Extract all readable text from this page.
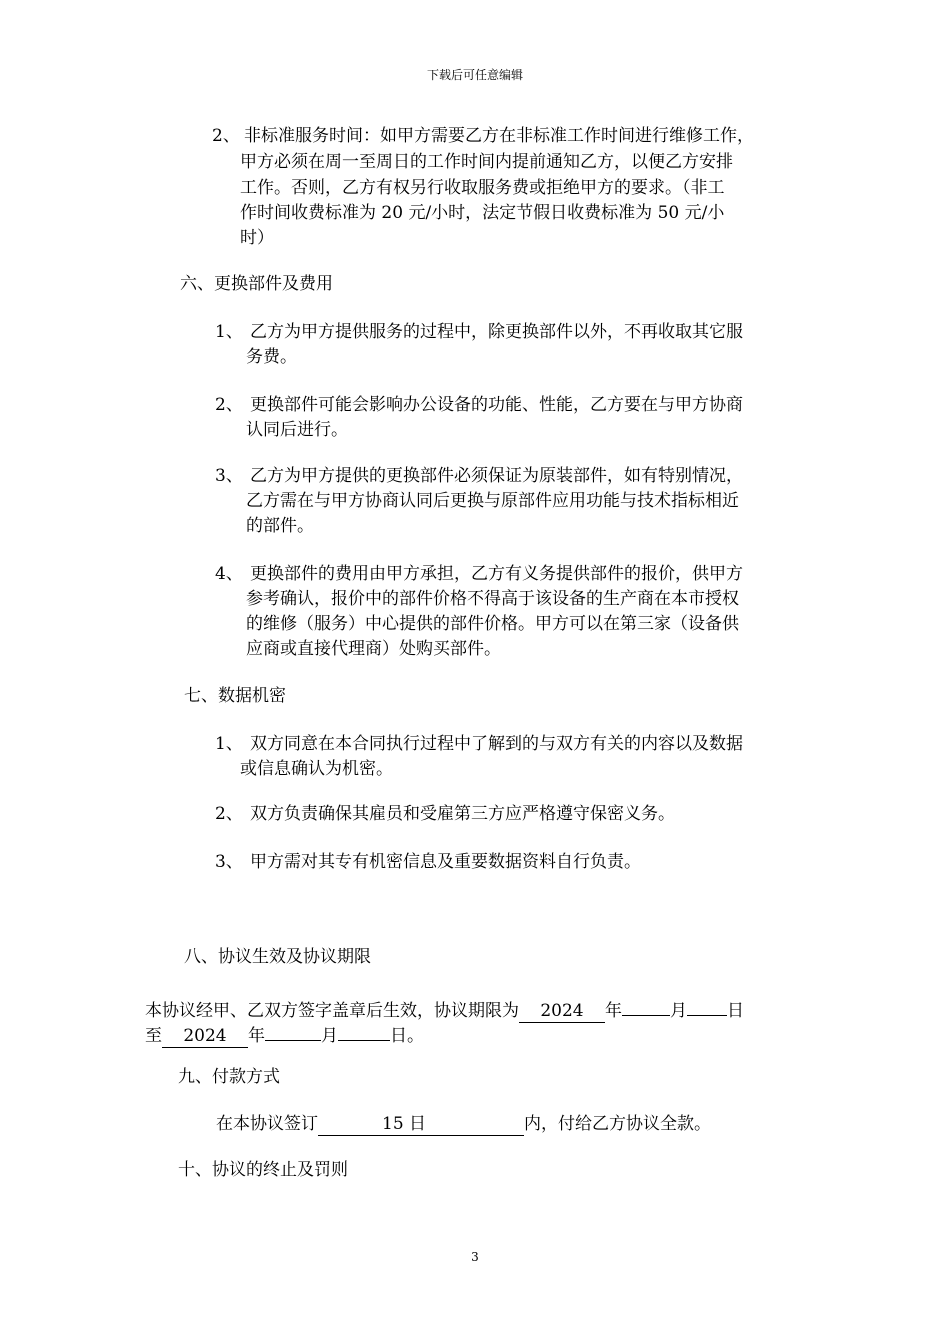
下载后可任意编辑
2、 非标准服务时间：如甲方需要乙方在非标准工作时间进行维修工作，
甲方必须在周一至周日的工作时间内提前通知乙方，以便乙方安排
工作。否则，乙方有权另行收取服务费或拒绝甲方的要求。（非工
作时间收费标准为 20 元/小时，法定节假日收费标准为 50 元/小
时）
六、更换部件及费用
1、 乙方为甲方提供服务的过程中，除更换部件以外，不再收取其它服
务费。
2、 更换部件可能会影响办公设备的功能、性能，乙方要在与甲方协商
认同后进行。
3、 乙方为甲方提供的更换部件必须保证为原装部件，如有特别情况，
乙方需在与甲方协商认同后更换与原部件应用功能与技术指标相近
的部件。
4、 更换部件的费用由甲方承担，乙方有义务提供部件的报价，供甲方
参考确认，报价中的部件价格不得高于该设备的生产商在本市授权
的维修（服务）中心提供的部件价格。甲方可以在第三家（设备供
应商或直接代理商）处购买部件。
七、数据机密
1、 双方同意在本合同执行过程中了解到的与双方有关的内容以及数据
或信息确认为机密。
2、 双方负责确保其雇员和受雇第三方应严格遵守保密义务。
3、 甲方需对其专有机密信息及重要数据资料自行负责。
八、协议生效及协议期限
本协议经甲、乙双方签字盖章后生效，协议期限为 2024 年	月 日
至 2024 年	月	日。
九、付款方式
在本协议签订	15 日	内，付给乙方协议全款。
十、协议的终止及罚则
3
